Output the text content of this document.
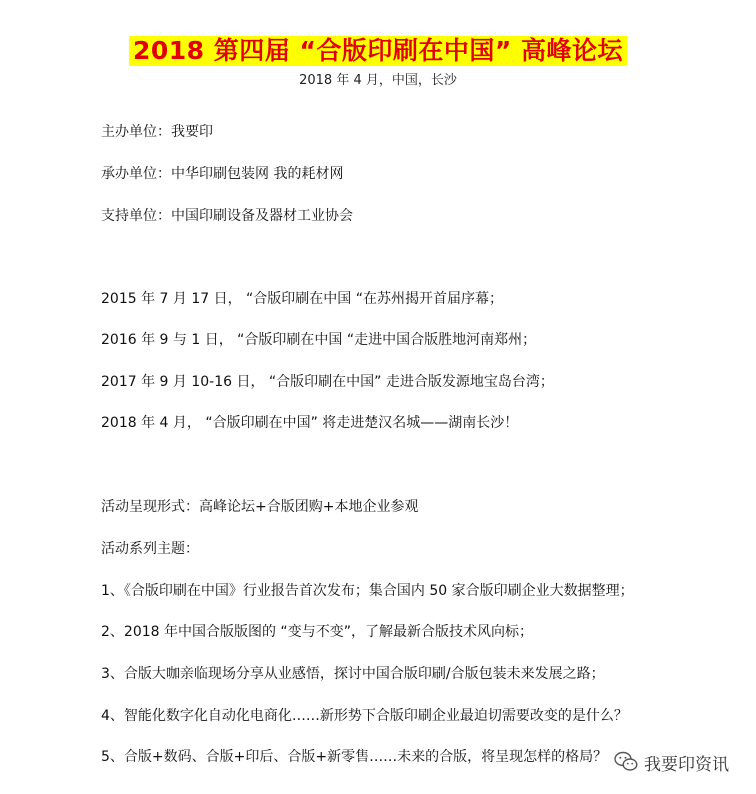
2018 第四届 “合版印刷在中国” 高峰论坛
2018 年 4 月，中国，长沙
主办单位：我要印
承办单位：中华印刷包装网 我的耗材网
支持单位：中国印刷设备及器材工业协会
2015 年 7 月 17 日， “合版印刷在中国 “在苏州揭开首届序幕；
2016 年 9 与 1 日， “合版印刷在中国 “走进中国合版胜地河南郑州；
2017 年 9 月 10-16 日， “合版印刷在中国” 走进合版发源地宝岛台湾；
2018 年 4 月， “合版印刷在中国” 将走进楚汉名城——湖南长沙！
活动呈现形式：高峰论坛+合版团购+本地企业参观
活动系列主题：
1、《合版印刷在中国》行业报告首次发布；集合国内 50 家合版印刷企业大数据整理；
2、2018 年中国合版版图的 “变与不变”，了解最新合版技术风向标；
3、合版大咖亲临现场分享从业感悟，探讨中国合版印刷/合版包装未来发展之路；
4、智能化数字化自动化电商化……新形势下合版印刷企业最迫切需要改变的是什么？
5、合版+数码、合版+印后、合版+新零售……未来的合版，将呈现怎样的格局？ 我要印资讯
